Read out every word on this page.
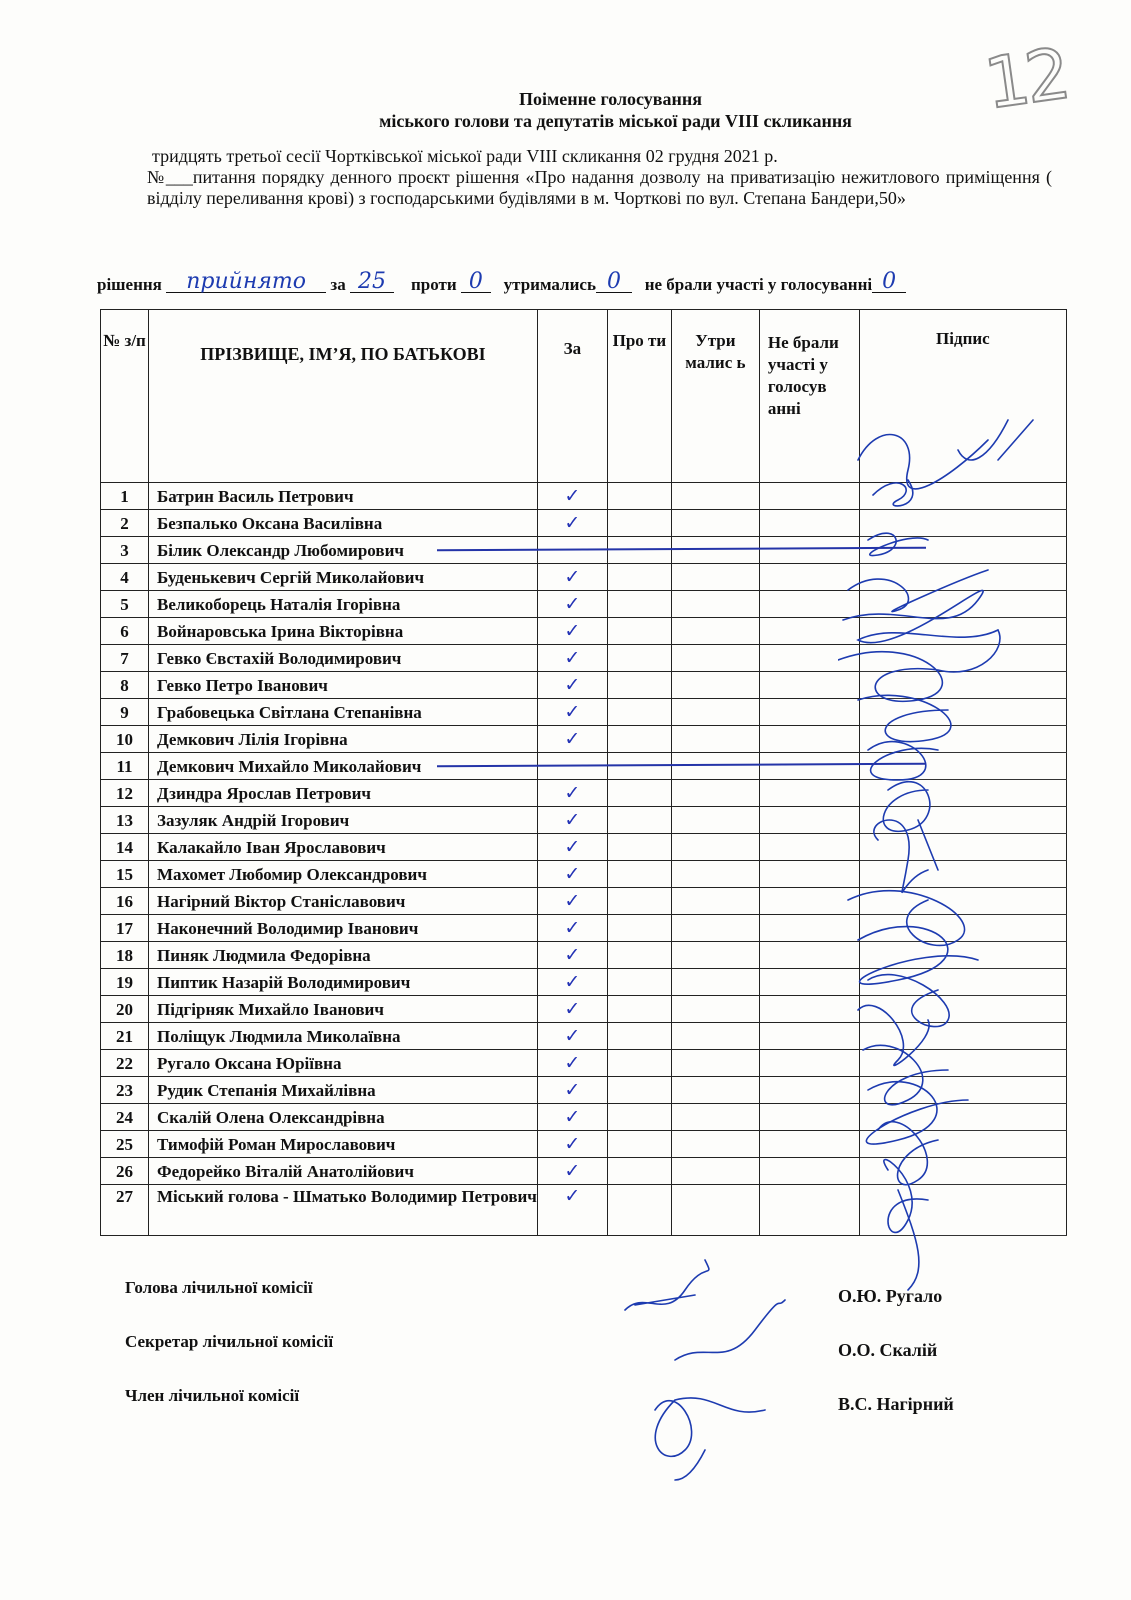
12
Поіменне голосування
міського голови та депутатів міської ради VIII скликання
тридцять третьої сесії Чортківської міської ради VIII скликання 02 грудня 2021 р.
№___питання порядку денного проєкт рішення «Про надання дозволу на приватизацію нежитлового приміщення ( відділу переливання крові) з господарськими будівлями в м. Чорткові по вул. Степана Бандери,50»
рішення прийнято за 25 проти 0 утримались 0 не брали участі у голосуванні 0
№ з/п	ПРІЗВИЩЕ, ІМ’Я, ПО БАТЬКОВІ	За	Про ти	Утри малис ь	Не брали участі у голосув анні	Підпис
1	Батрин Василь Петрович	✓				
2	Безпалько Оксана Василівна	✓				
3	Білик Олександр Любомирович					
4	Буденькевич Сергій Миколайович	✓				
5	Великоборець Наталія Ігорівна	✓				
6	Войнаровська Ірина Вікторівна	✓				
7	Гевко Євстахій Володимирович	✓				
8	Гевко Петро Іванович	✓				
9	Грабовецька Світлана Степанівна	✓				
10	Демкович Лілія Ігорівна	✓				
11	Демкович Михайло Миколайович					
12	Дзиндра Ярослав Петрович	✓				
13	Зазуляк Андрій Ігорович	✓				
14	Калакайло Іван Ярославович	✓				
15	Махомет Любомир Олександрович	✓				
16	Нагірний Віктор Станіславович	✓				
17	Наконечний Володимир Іванович	✓				
18	Пиняк Людмила Федорівна	✓				
19	Пиптик Назарій Володимирович	✓				
20	Підгірняк Михайло Іванович	✓				
21	Поліщук Людмила Миколаївна	✓				
22	Ругало Оксана Юріївна	✓				
23	Рудик Степанія Михайлівна	✓				
24	Скалій Олена Олександрівна	✓				
25	Тимофій Роман Мирославович	✓				
26	Федорейко Віталій Анатолійович	✓				
27	Міський голова - Шматько Володимир Петрович	✓				
Голова лічильної комісії
Секретар лічильної комісії
Член лічильної комісії
О.Ю. Ругало
О.О. Скалій
В.С. Нагірний
